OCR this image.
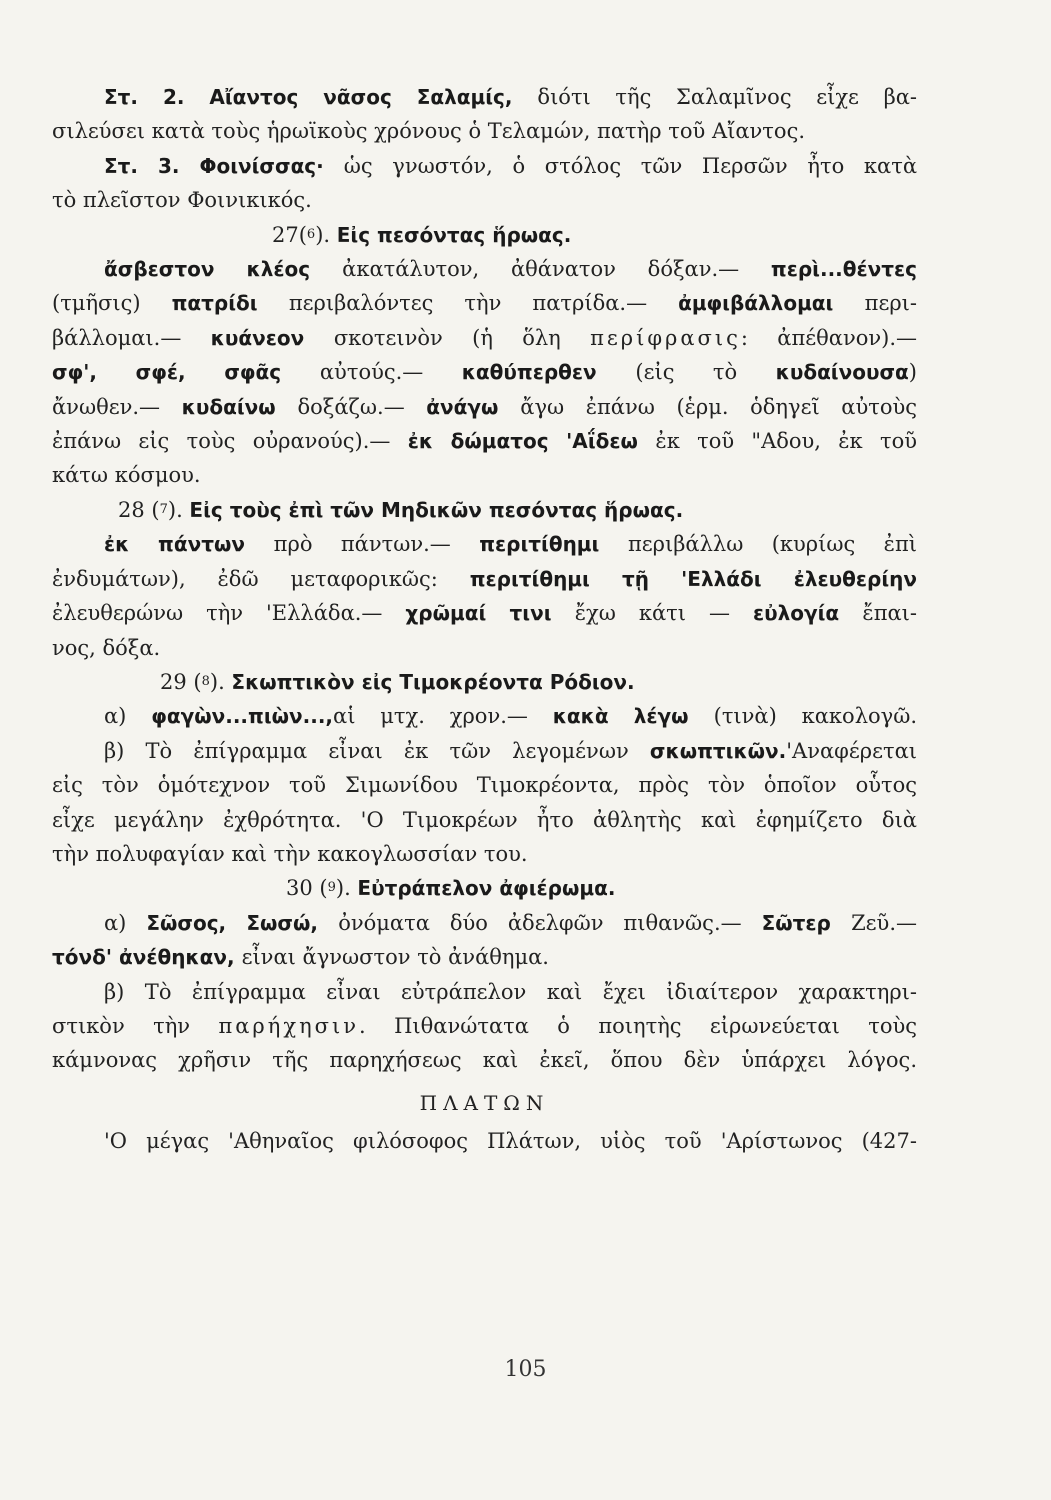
Στ. 2. Αἴαντος νᾶσος Σαλαμίς, διότι τῆς Σαλαμῖνος εἶχε βα-
σιλεύσει κατὰ τοὺς ἡρωϊκοὺς χρόνους ὁ Τελαμών, πατὴρ τοῦ Αἴαντος.
Στ. 3. Φοινίσσας· ὡς γνωστόν, ὁ στόλος τῶν Περσῶν ἦτο κατὰ
τὸ πλεῖστον Φοινικικός.
27($^6$). Εἰς πεσόντας ἥρωας.
ἄσβεστον κλέος ἀκατάλυτον, ἀθάνατον δόξαν.— περὶ...θέντες
(τμῆσις) πατρίδι περιβαλόντες τὴν πατρίδα.— ἀμφιβάλλομαι περι-
βάλλομαι.— κυάνεον σκοτεινὸν (ἡ ὅλη περίφρασις: ἀπέθανον).—
σφ', σφέ, σφᾶς αὐτούς.— καθύπερθεν (εἰς τὸ κυδαίνουσα)
ἄνωθεν.— κυδαίνω δοξάζω.— ἀνάγω ἄγω ἐπάνω (ἑρμ. ὁδηγεῖ αὐτοὺς
ἐπάνω εἰς τοὺς οὐρανούς).— ἐκ δώματος 'Αΐδεω ἐκ τοῦ "Αδου, ἐκ τοῦ
κάτω κόσμου.
28 ($^7$). Εἰς τοὺς ἐπὶ τῶν Μηδικῶν πεσόντας ἥρωας.
ἐκ πάντων πρὸ πάντων.— περιτίθημι περιβάλλω (κυρίως ἐπὶ
ἐνδυμάτων), ἐδῶ μεταφορικῶς: περιτίθημι τῇ 'Ελλάδι ἐλευθερίην
ἐλευθερώνω τὴν 'Ελλάδα.— χρῶμαί τινι ἔχω κάτι — εὐλογία ἔπαι-
νος, δόξα.
29 ($^8$). Σκωπτικὸν εἰς Τιμοκρέοντα Ρόδιον.
α) φαγὼν...πιὼν...,αἱ μτχ. χρον.— κακὰ λέγω (τινὰ) κακολογῶ.
β) Τὸ ἐπίγραμμα εἶναι ἐκ τῶν λεγομένων σκωπτικῶν.'Αναφέρεται
εἰς τὸν ὁμότεχνον τοῦ Σιμωνίδου Τιμοκρέοντα, πρὸς τὸν ὁποῖον οὗτος
εἶχε μεγάλην ἐχθρότητα. 'Ο Τιμοκρέων ἦτο ἀθλητὴς καὶ ἐφημίζετο διὰ
τὴν πολυφαγίαν καὶ τὴν κακογλωσσίαν του.
30 ($^9$). Εὐτράπελον ἀφιέρωμα.
α) Σῶσος, Σωσώ, ὀνόματα δύο ἀδελφῶν πιθανῶς.— Σῶτερ Ζεῦ.—
τόνδ' ἀνέθηκαν, εἶναι ἄγνωστον τὸ ἀνάθημα.
β) Τὸ ἐπίγραμμα εἶναι εὐτράπελον καὶ ἔχει ἰδιαίτερον χαρακτηρι-
στικὸν τὴν παρήχησιν. Πιθανώτατα ὁ ποιητὴς εἰρωνεύεται τοὺς
κάμνονας χρῆσιν τῆς παρηχήσεως καὶ ἐκεῖ, ὅπου δὲν ὑπάρχει λόγος.
ΠΛΑΤΩΝ
'Ο μέγας 'Αθηναῖος φιλόσοφος Πλάτων, υἱὸς τοῦ 'Αρίστωνος (427-
105
